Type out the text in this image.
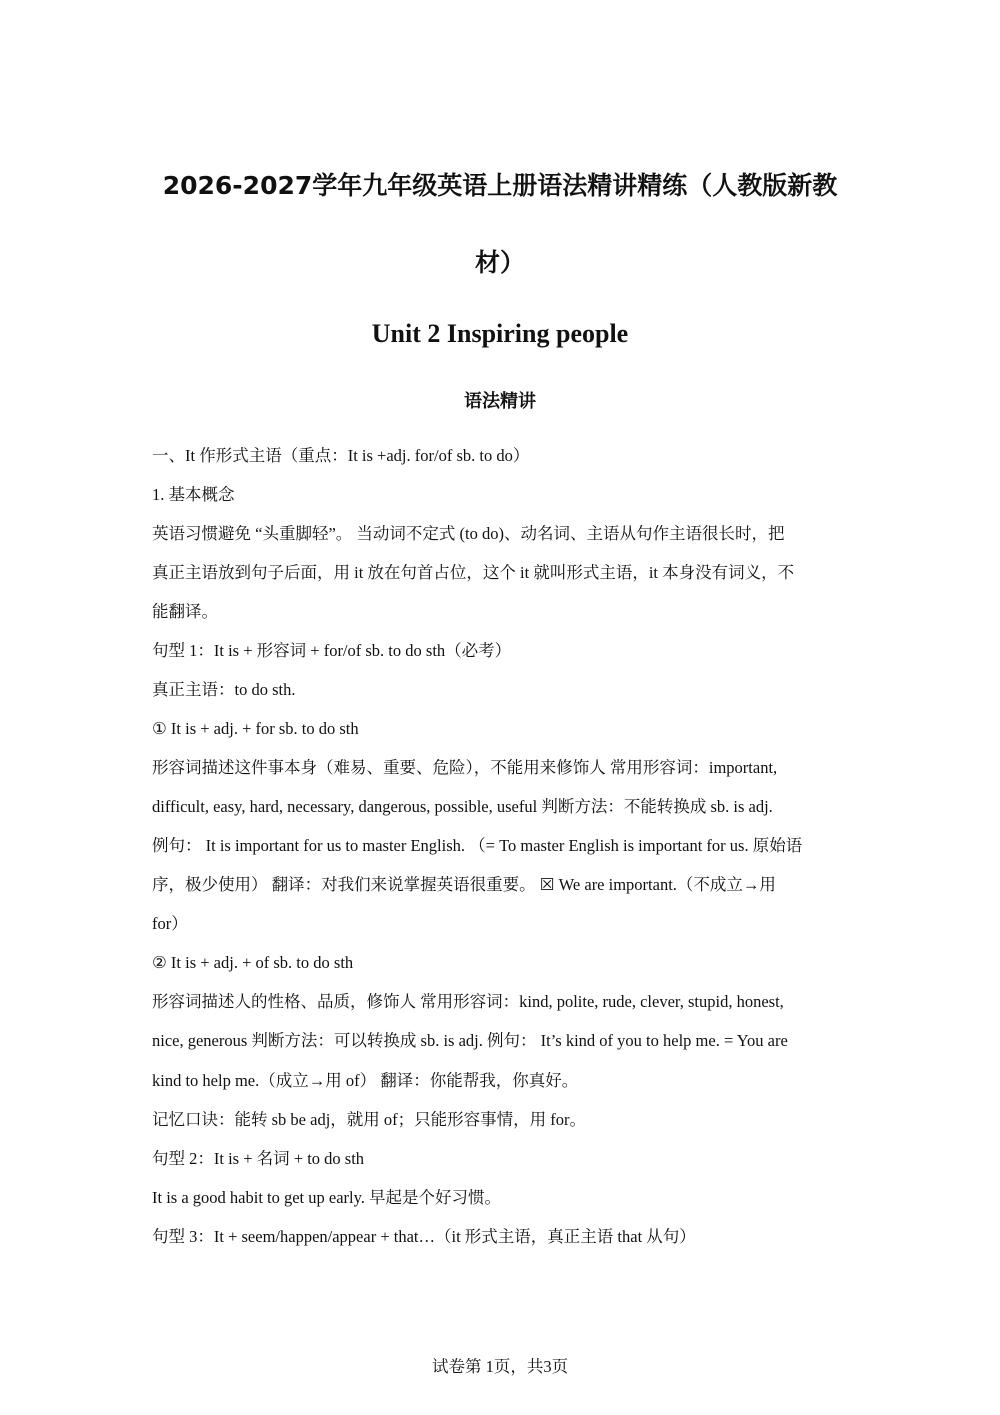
2026-2027学年九年级英语上册语法精讲精练（人教版新教
材）
Unit 2 Inspiring people
语法精讲
一、It 作形式主语（重点：It is +adj. for/of sb. to do）
1. 基本概念
英语习惯避免 “头重脚轻”。 当动词不定式 (to do)、动名词、主语从句作主语很长时，把
真正主语放到句子后面，用 it 放在句首占位，这个 it 就叫形式主语，it 本身没有词义，不
能翻译。
句型 1：It is + 形容词 + for/of sb. to do sth（必考）
真正主语：to do sth.
① It is + adj. + for sb. to do sth
形容词描述这件事本身（难易、重要、危险），不能用来修饰人 常用形容词：important,
difficult, easy, hard, necessary, dangerous, possible, useful 判断方法：不能转换成 sb. is adj.
例句： It is important for us to master English. （= To master English is important for us. 原始语
序，极少使用） 翻译：对我们来说掌握英语很重要。 ☒ We are important.（不成立→用
for）
② It is + adj. + of sb. to do sth
形容词描述人的性格、品质，修饰人 常用形容词：kind, polite, rude, clever, stupid, honest,
nice, generous 判断方法：可以转换成 sb. is adj. 例句： It’s kind of you to help me. = You are
kind to help me.（成立→用 of） 翻译：你能帮我，你真好。
记忆口诀：能转 sb be adj，就用 of；只能形容事情，用 for。
句型 2：It is + 名词 + to do sth
It is a good habit to get up early. 早起是个好习惯。
句型 3：It + seem/happen/appear + that…（it 形式主语，真正主语 that 从句）
试卷第 1页，共3页
